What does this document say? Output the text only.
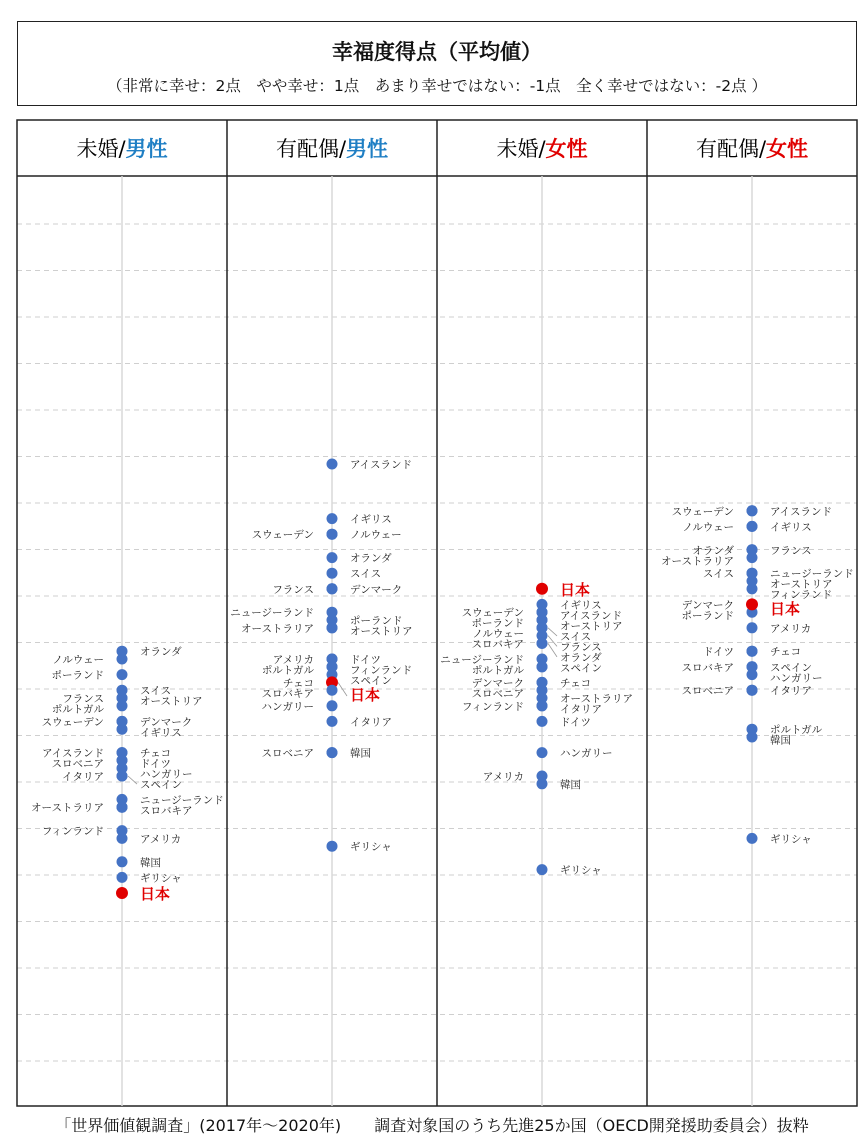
幸福度得点（平均値）
（非常に幸せ：2点　やや幸せ：1点　あまり幸せではない：-1点　全く幸せではない：-2点 ）
未婚/男性
オランダ
ノルウェー
ポーランド
スイス
フランス	オーストリア
ポルトガル
デンマーク
スウェーデン
イギリス
チェコ
アイスランド
ドイツ
スロベニア
ハンガリー
スペイン
イタリア
ニュージーランド
オーストラリア	スロバキア
フィンランド
アメリカ
韓国
ギリシャ
日本
有配偶/男性
アイスランド
イギリス
スウェーデン	ノルウェー
オランダ
スイス
フランス	デンマーク
ニュージーランド
ポーランド
オーストラリア	オーストリア
アメリカ	ドイツ
ポルトガル	フィンランド
スペイン
チェコ
日本
スロバキア
ハンガリー
イタリア
スロベニア	韓国
ギリシャ
未婚/女性
日本
イギリス
スウェーデン	アイスランド
オーストリア
ポーランド
スイス
ノルウェー
フランス
スロバキア
オランダ
ニュージーランド
ポルトガル	スペイン
デンマーク	チェコ
スロベニア	オーストラリア
フィンランド	イタリア
ドイツ
ハンガリー
アメリカ
韓国
ギリシャ
有配偶/女性
スウェーデン	アイスランド
ノルウェー	イギリス
オランダ	フランス
オーストラリア
スイス	ニュージーランド
オーストリア
フィンランド
デンマーク
ポーランド 日本
アメリカ
ドイツ	チェコ
スロバキア	スペイン
ハンガリー
スロベニア	イタリア
ポルトガル
韓国
ギリシャ
「世界価値観調査」(2017年～2020年) 調査対象国のうち先進25か国（OECD開発援助委員会）抜粋
